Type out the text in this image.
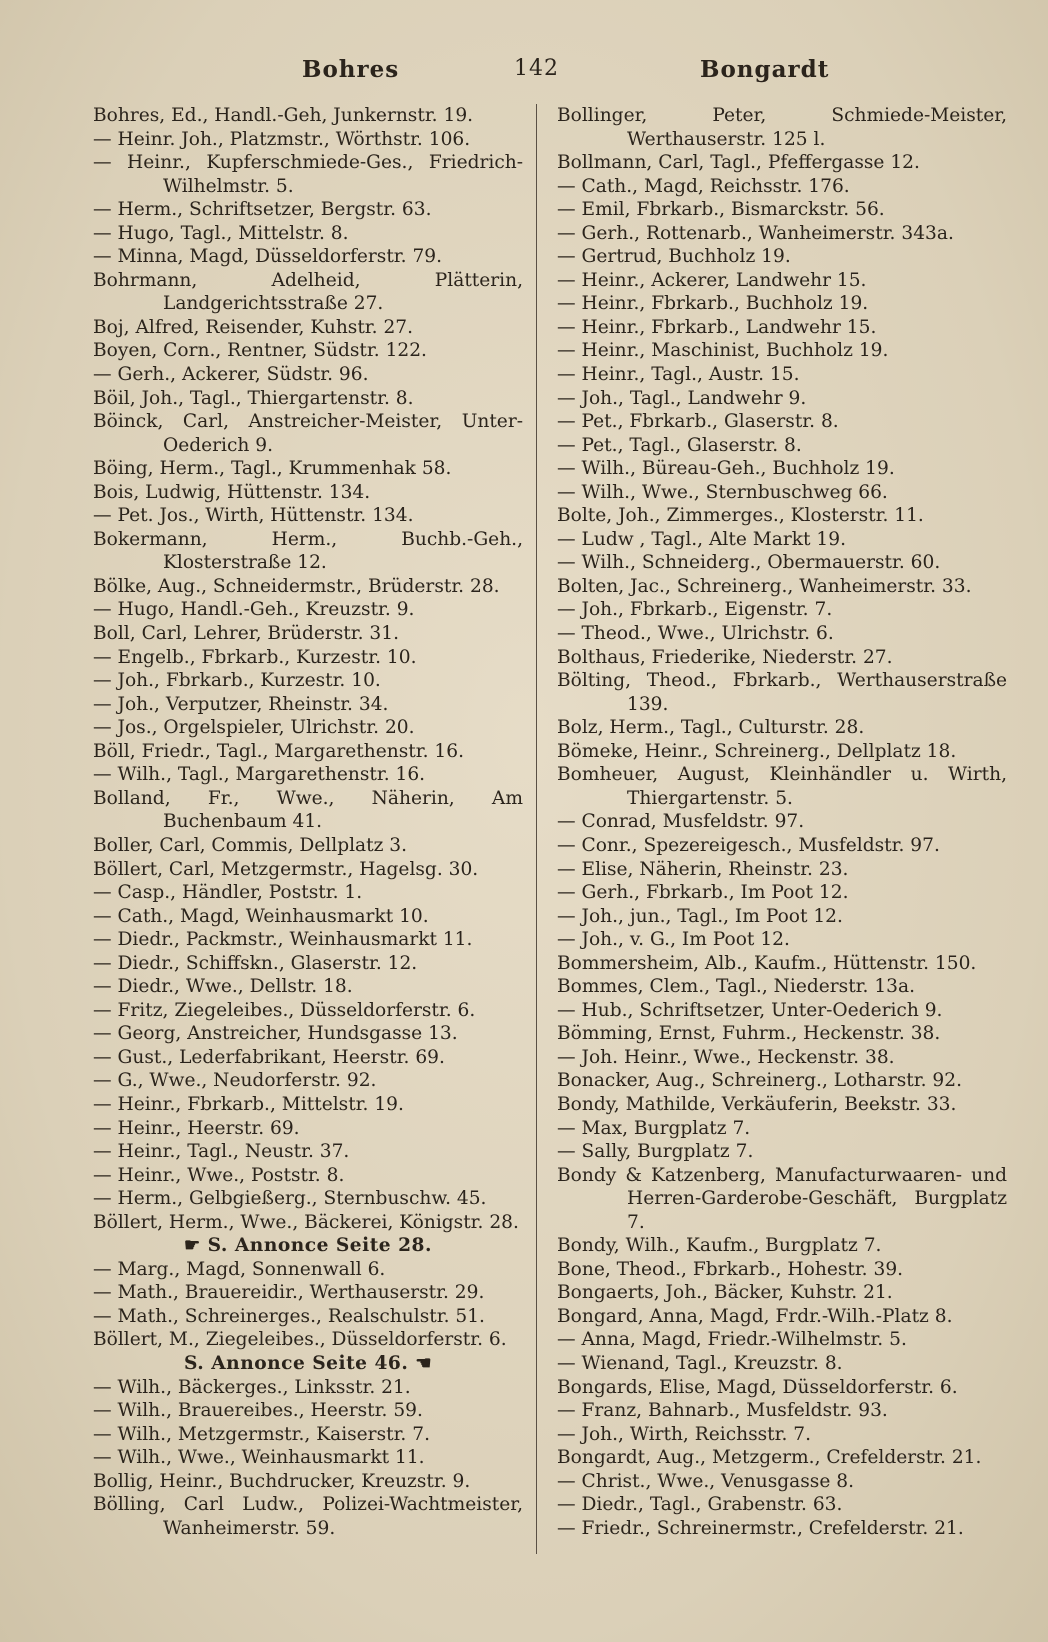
Bohres	142	Bongardt
Bohres, Ed., Handl.-Geh, Junkernstr. 19.
— Heinr. Joh., Platzmstr., Wörthstr. 106.
— Heinr., Kupferschmiede-Ges., Friedrich-Wilhelmstr. 5.
— Herm., Schriftsetzer, Bergstr. 63.
— Hugo, Tagl., Mittelstr. 8.
— Minna, Magd, Düsseldorferstr. 79.
Bohrmann, Adelheid, Plätterin, Landgerichtsstraße 27.
Boj, Alfred, Reisender, Kuhstr. 27.
Boyen, Corn., Rentner, Südstr. 122.
— Gerh., Ackerer, Südstr. 96.
Böil, Joh., Tagl., Thiergartenstr. 8.
Böinck, Carl, Anstreicher-Meister, Unter-Oederich 9.
Böing, Herm., Tagl., Krummenhak 58.
Bois, Ludwig, Hüttenstr. 134.
— Pet. Jos., Wirth, Hüttenstr. 134.
Bokermann, Herm., Buchb.-Geh., Klosterstraße 12.
Bölke, Aug., Schneidermstr., Brüderstr. 28.
— Hugo, Handl.-Geh., Kreuzstr. 9.
Boll, Carl, Lehrer, Brüderstr. 31.
— Engelb., Fbrkarb., Kurzestr. 10.
— Joh., Fbrkarb., Kurzestr. 10.
— Joh., Verputzer, Rheinstr. 34.
— Jos., Orgelspieler, Ulrichstr. 20.
Böll, Friedr., Tagl., Margarethenstr. 16.
— Wilh., Tagl., Margarethenstr. 16.
Bolland, Fr., Wwe., Näherin, Am Buchenbaum 41.
Boller, Carl, Commis, Dellplatz 3.
Böllert, Carl, Metzgermstr., Hagelsg. 30.
— Casp., Händler, Poststr. 1.
— Cath., Magd, Weinhausmarkt 10.
— Diedr., Packmstr., Weinhausmarkt 11.
— Diedr., Schiffskn., Glaserstr. 12.
— Diedr., Wwe., Dellstr. 18.
— Fritz, Ziegeleibes., Düsseldorferstr. 6.
— Georg, Anstreicher, Hundsgasse 13.
— Gust., Lederfabrikant, Heerstr. 69.
— G., Wwe., Neudorferstr. 92.
— Heinr., Fbrkarb., Mittelstr. 19.
— Heinr., Heerstr. 69.
— Heinr., Tagl., Neustr. 37.
— Heinr., Wwe., Poststr. 8.
— Herm., Gelbgießerg., Sternbuschw. 45.
Böllert, Herm., Wwe., Bäckerei, Königstr. 28.
☛ S. Annonce Seite 28.
— Marg., Magd, Sonnenwall 6.
— Math., Brauereidir., Werthauserstr. 29.
— Math., Schreinerges., Realschulstr. 51.
Böllert, M., Ziegeleibes., Düsseldorferstr. 6.
S. Annonce Seite 46. ☚
— Wilh., Bäckerges., Linksstr. 21.
— Wilh., Brauereibes., Heerstr. 59.
— Wilh., Metzgermstr., Kaiserstr. 7.
— Wilh., Wwe., Weinhausmarkt 11.
Bollig, Heinr., Buchdrucker, Kreuzstr. 9.
Bölling, Carl Ludw., Polizei-Wachtmeister, Wanheimerstr. 59.
Bollinger, Peter, Schmiede-Meister, Werthauserstr. 125 l.
Bollmann, Carl, Tagl., Pfeffergasse 12.
— Cath., Magd, Reichsstr. 176.
— Emil, Fbrkarb., Bismarckstr. 56.
— Gerh., Rottenarb., Wanheimerstr. 343a.
— Gertrud, Buchholz 19.
— Heinr., Ackerer, Landwehr 15.
— Heinr., Fbrkarb., Buchholz 19.
— Heinr., Fbrkarb., Landwehr 15.
— Heinr., Maschinist, Buchholz 19.
— Heinr., Tagl., Austr. 15.
— Joh., Tagl., Landwehr 9.
— Pet., Fbrkarb., Glaserstr. 8.
— Pet., Tagl., Glaserstr. 8.
— Wilh., Büreau-Geh., Buchholz 19.
— Wilh., Wwe., Sternbuschweg 66.
Bolte, Joh., Zimmerges., Klosterstr. 11.
— Ludw , Tagl., Alte Markt 19.
— Wilh., Schneiderg., Obermauerstr. 60.
Bolten, Jac., Schreinerg., Wanheimerstr. 33.
— Joh., Fbrkarb., Eigenstr. 7.
— Theod., Wwe., Ulrichstr. 6.
Bolthaus, Friederike, Niederstr. 27.
Bölting, Theod., Fbrkarb., Werthauserstraße 139.
Bolz, Herm., Tagl., Culturstr. 28.
Bömeke, Heinr., Schreinerg., Dellplatz 18.
Bomheuer, August, Kleinhändler u. Wirth, Thiergartenstr. 5.
— Conrad, Musfeldstr. 97.
— Conr., Spezereigesch., Musfeldstr. 97.
— Elise, Näherin, Rheinstr. 23.
— Gerh., Fbrkarb., Im Poot 12.
— Joh., jun., Tagl., Im Poot 12.
— Joh., v. G., Im Poot 12.
Bommersheim, Alb., Kaufm., Hüttenstr. 150.
Bommes, Clem., Tagl., Niederstr. 13a.
— Hub., Schriftsetzer, Unter-Oederich 9.
Bömming, Ernst, Fuhrm., Heckenstr. 38.
— Joh. Heinr., Wwe., Heckenstr. 38.
Bonacker, Aug., Schreinerg., Lotharstr. 92.
Bondy, Mathilde, Verkäuferin, Beekstr. 33.
— Max, Burgplatz 7.
— Sally, Burgplatz 7.
Bondy & Katzenberg, Manufacturwaaren- und Herren-Garderobe-Geschäft, Burgplatz 7.
Bondy, Wilh., Kaufm., Burgplatz 7.
Bone, Theod., Fbrkarb., Hohestr. 39.
Bongaerts, Joh., Bäcker, Kuhstr. 21.
Bongard, Anna, Magd, Frdr.-Wilh.-Platz 8.
— Anna, Magd, Friedr.-Wilhelmstr. 5.
— Wienand, Tagl., Kreuzstr. 8.
Bongards, Elise, Magd, Düsseldorferstr. 6.
— Franz, Bahnarb., Musfeldstr. 93.
— Joh., Wirth, Reichsstr. 7.
Bongardt, Aug., Metzgerm., Crefelderstr. 21.
— Christ., Wwe., Venusgasse 8.
— Diedr., Tagl., Grabenstr. 63.
— Friedr., Schreinermstr., Crefelderstr. 21.
